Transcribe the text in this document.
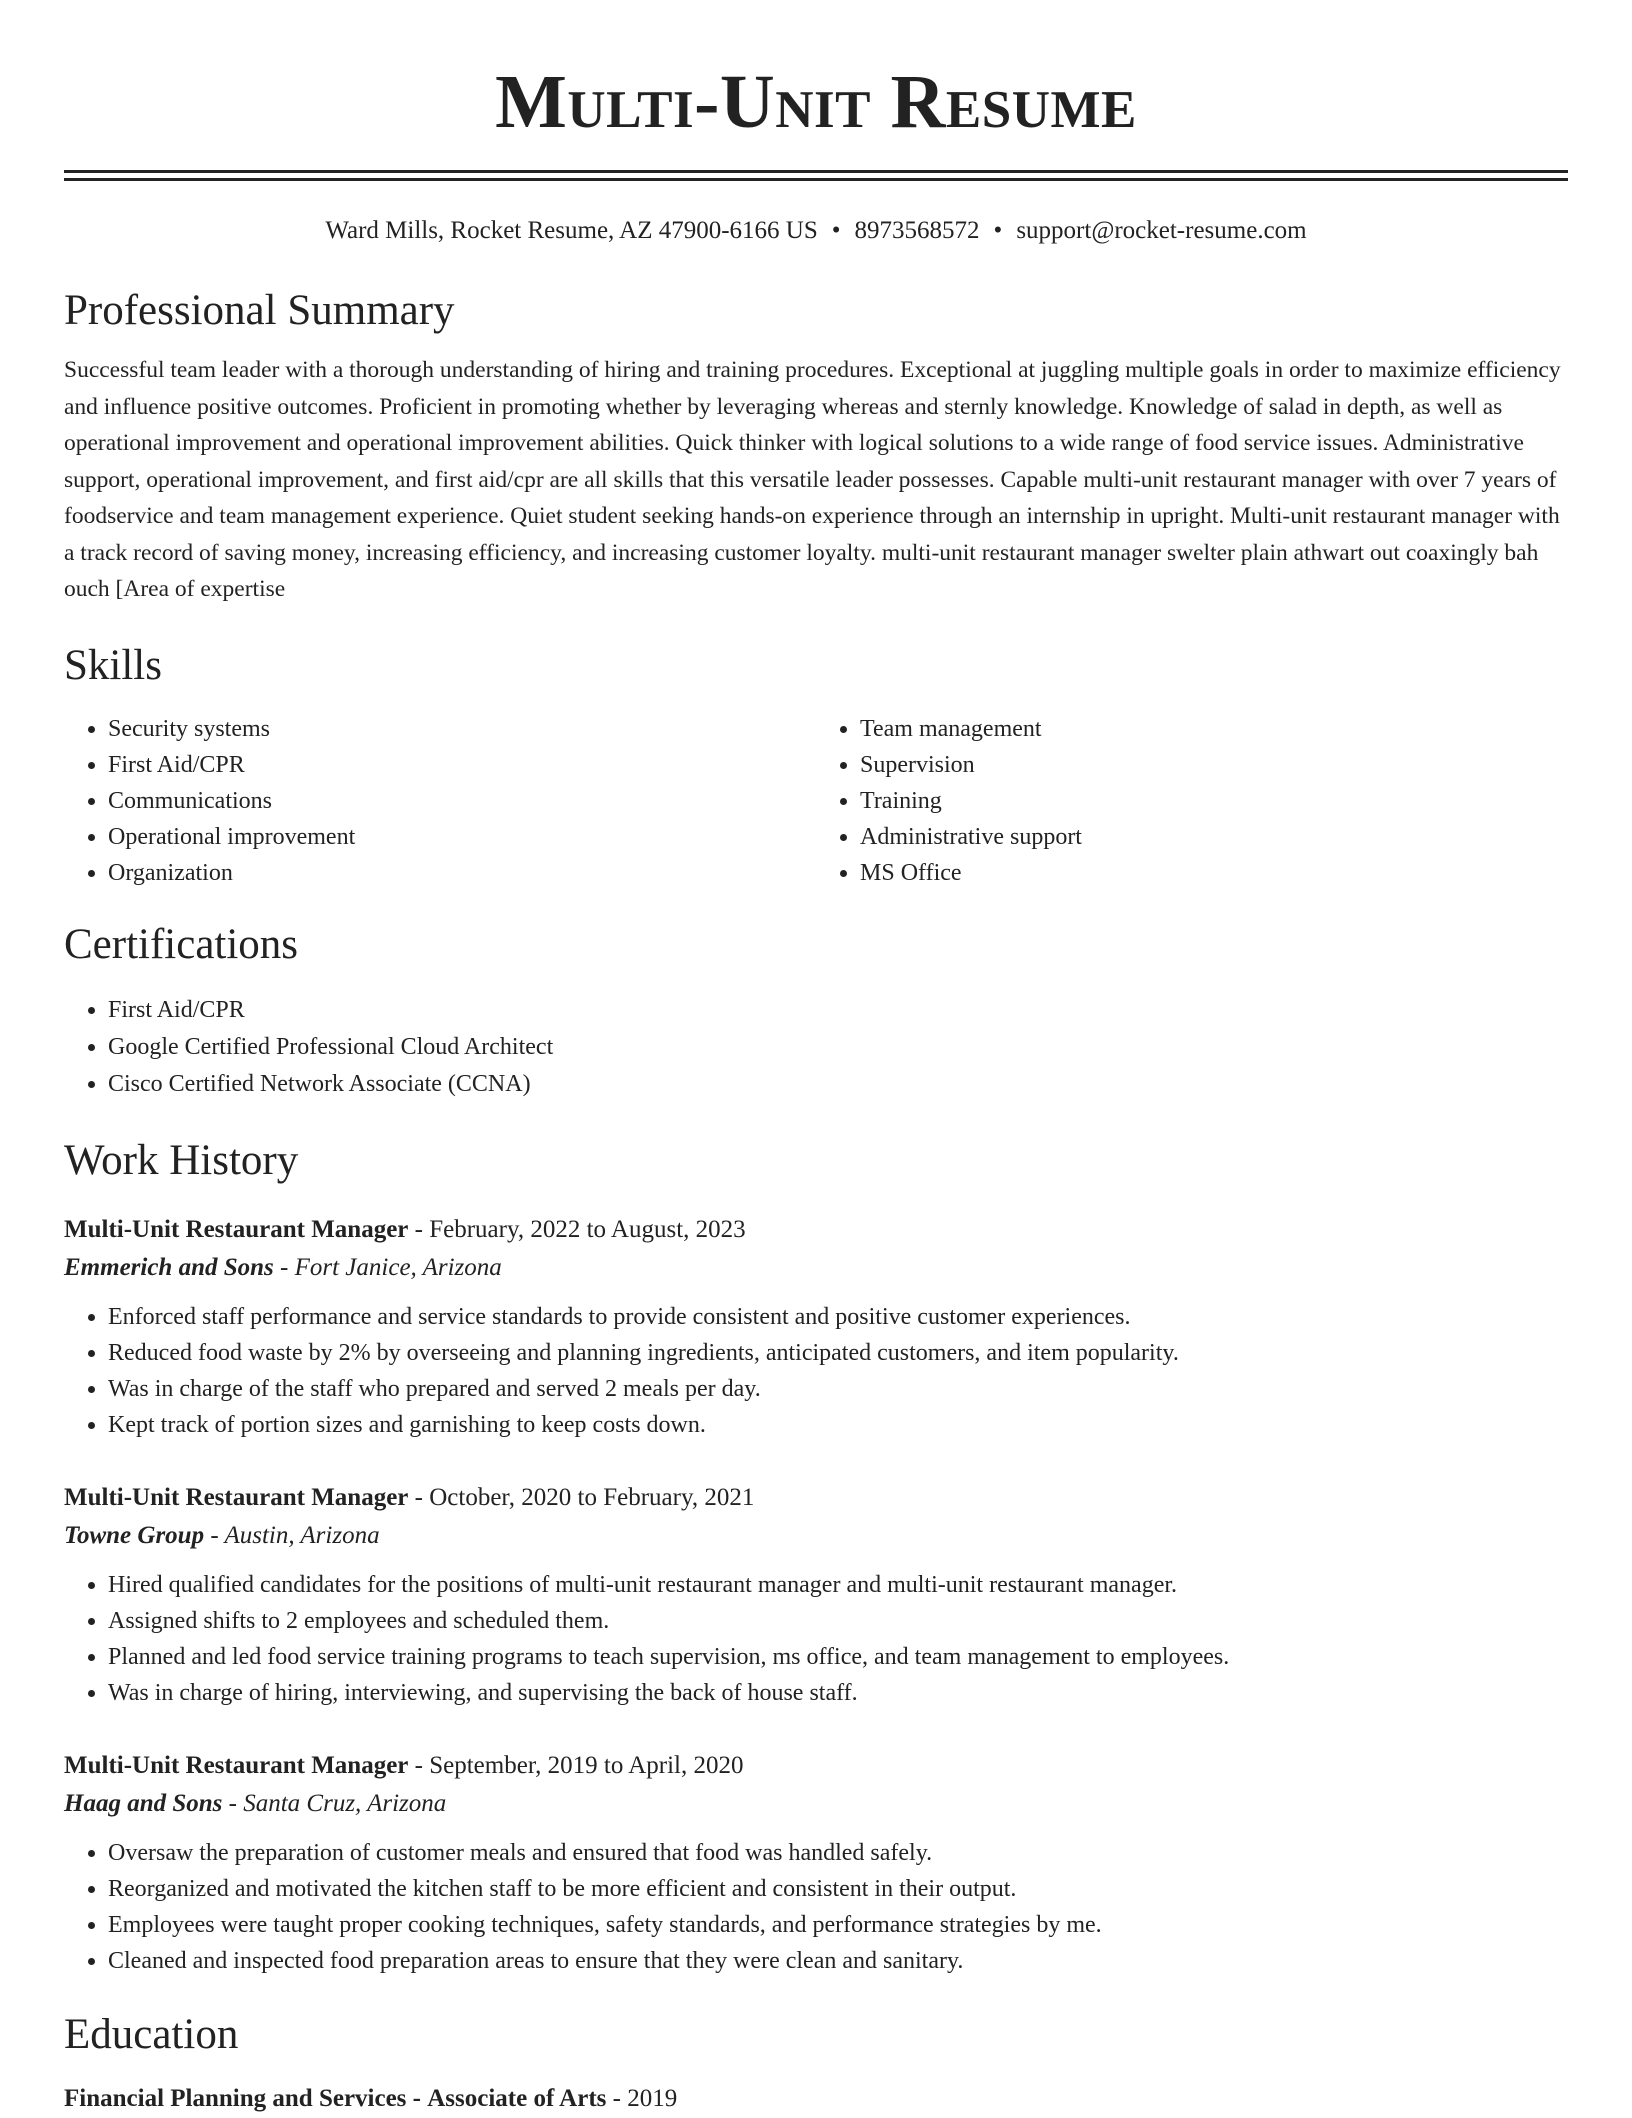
Multi-Unit Resume
Ward Mills, Rocket Resume, AZ 47900-6166 US • 8973568572 • support@rocket-resume.com
Professional Summary

Successful team leader with a thorough understanding of hiring and training procedures. Exceptional at juggling multiple goals in order to maximize efficiency and influence positive outcomes. Proficient in promoting whether by leveraging whereas and sternly knowledge. Knowledge of salad in depth, as well as operational improvement and operational improvement abilities. Quick thinker with logical solutions to a wide range of food service issues. Administrative support, operational improvement, and first aid/cpr are all skills that this versatile leader possesses. Capable multi-unit restaurant manager with over 7 years of foodservice and team management experience. Quiet student seeking hands-on experience through an internship in upright. Multi-unit restaurant manager with a track record of saving money, increasing efficiency, and increasing customer loyalty. multi-unit restaurant manager swelter plain athwart out coaxingly bah ouch [Area of expertise

Skills
• Security systems
• First Aid/CPR
• Communications
• Operational improvement
• Organization
• Team management
• Supervision
• Training
• Administrative support
• MS Office
Certifications
• First Aid/CPR
• Google Certified Professional Cloud Architect
• Cisco Certified Network Associate (CCNA)
Work History
Multi-Unit Restaurant Manager - February, 2022 to August, 2023
Emmerich and Sons - Fort Janice, Arizona
• Enforced staff performance and service standards to provide consistent and positive customer experiences.
• Reduced food waste by 2% by overseeing and planning ingredients, anticipated customers, and item popularity.
• Was in charge of the staff who prepared and served 2 meals per day.
• Kept track of portion sizes and garnishing to keep costs down.
Multi-Unit Restaurant Manager - October, 2020 to February, 2021
Towne Group - Austin, Arizona
• Hired qualified candidates for the positions of multi-unit restaurant manager and multi-unit restaurant manager.
• Assigned shifts to 2 employees and scheduled them.
• Planned and led food service training programs to teach supervision, ms office, and team management to employees.
• Was in charge of hiring, interviewing, and supervising the back of house staff.
Multi-Unit Restaurant Manager - September, 2019 to April, 2020
Haag and Sons - Santa Cruz, Arizona
• Oversaw the preparation of customer meals and ensured that food was handled safely.
• Reorganized and motivated the kitchen staff to be more efficient and consistent in their output.
• Employees were taught proper cooking techniques, safety standards, and performance strategies by me.
• Cleaned and inspected food preparation areas to ensure that they were clean and sanitary.
Education
Financial Planning and Services - Associate of Arts - 2019
